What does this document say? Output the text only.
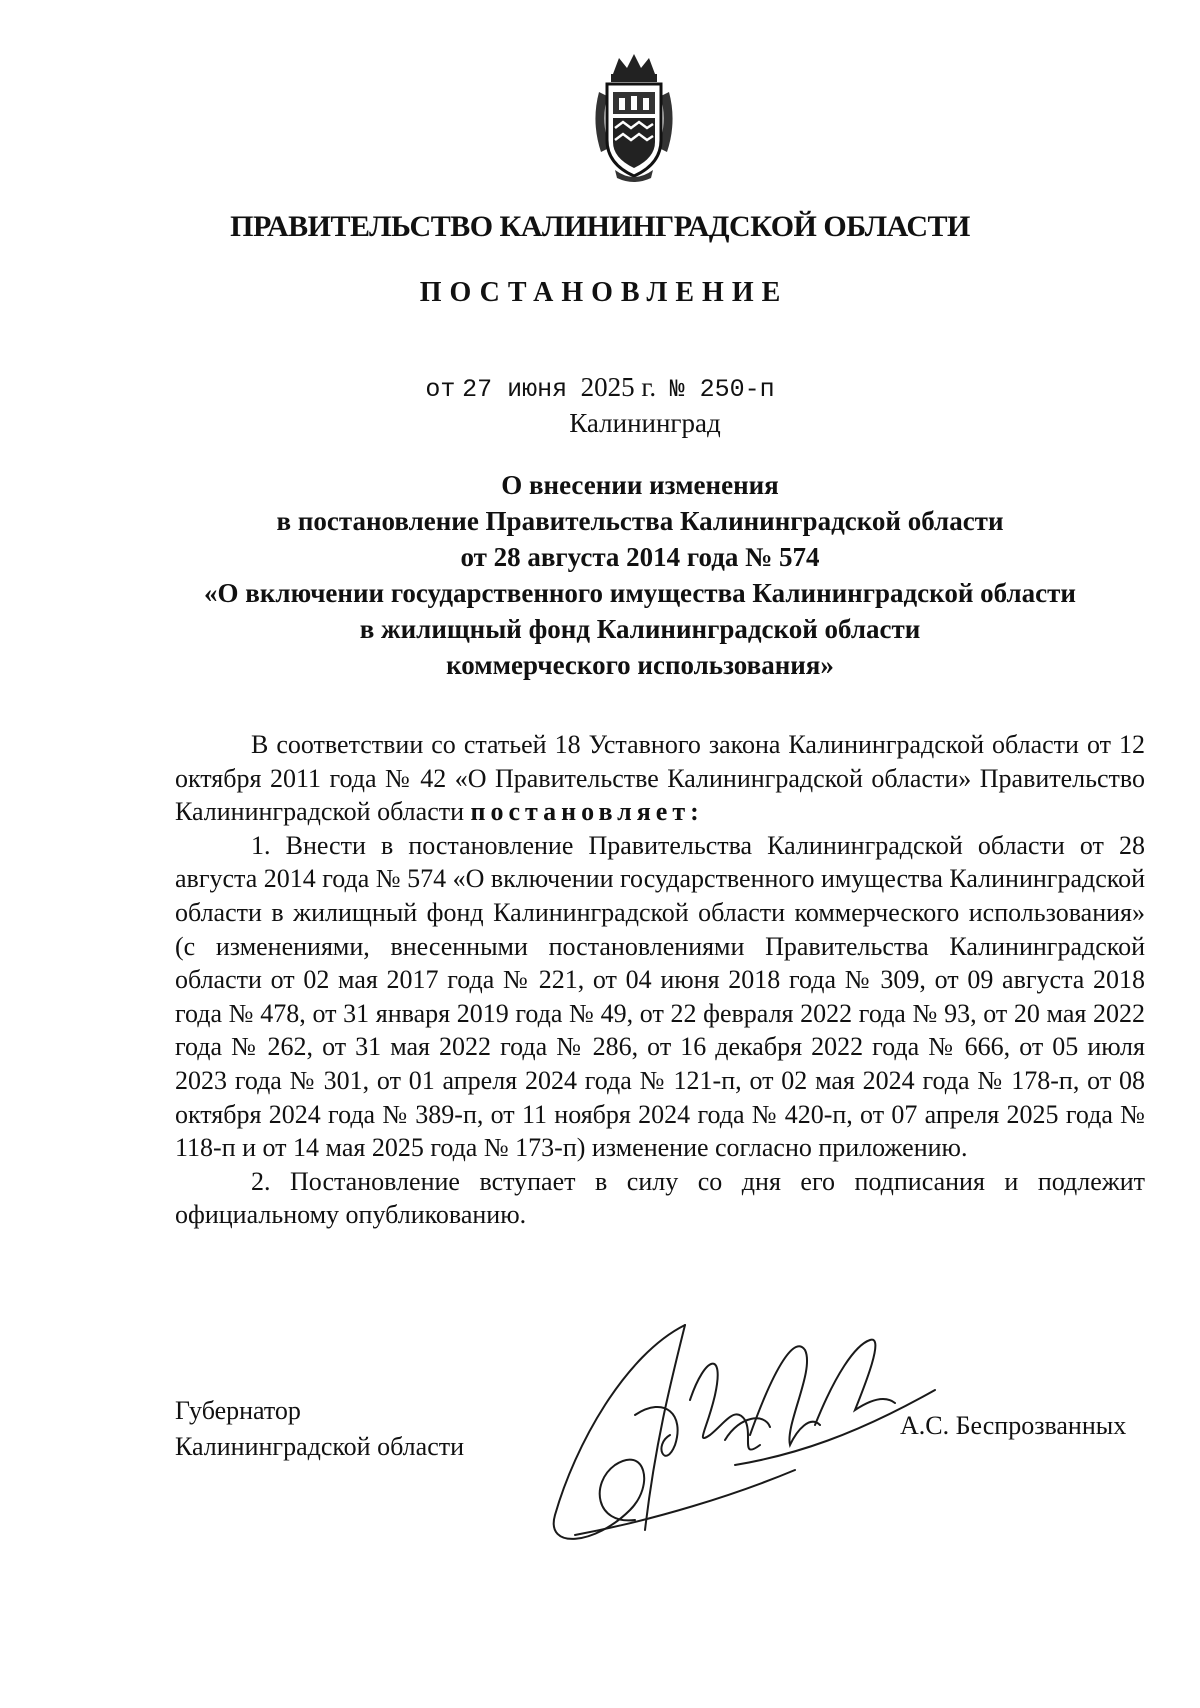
ПРАВИТЕЛЬСТВО КАЛИНИНГРАДСКОЙ ОБЛАСТИ
ПОСТАНОВЛЕНИЕ
от 27 июня 2025 г. № 250-п
Калининград
О внесении изменения
в постановление Правительства Калининградской области
от 28 августа 2014 года № 574
«О включении государственного имущества Калининградской области
в жилищный фонд Калининградской области
коммерческого использования»

В соответствии со статьей 18 Уставного закона Калининградской области от 12 октября 2011 года № 42 «О Правительстве Калининградской области» Правительство Калининградской области постановляет:

1. Внести в постановление Правительства Калининградской области от 28 августа 2014 года № 574 «О включении государственного имущества Калининградской области в жилищный фонд Калининградской области коммерческого использования» (с изменениями, внесенными постановлениями Правительства Калининградской области от 02 мая 2017 года № 221, от 04 июня 2018 года № 309, от 09 августа 2018 года № 478, от 31 января 2019 года № 49, от 22 февраля 2022 года № 93, от 20 мая 2022 года № 262, от 31 мая 2022 года № 286, от 16 декабря 2022 года № 666, от 05 июля 2023 года № 301, от 01 апреля 2024 года № 121-п, от 02 мая 2024 года № 178-п, от 08 октября 2024 года № 389-п, от 11 ноября 2024 года № 420-п, от 07 апреля 2025 года № 118-п и от 14 мая 2025 года № 173-п) изменение согласно приложению.

2. Постановление вступает в силу со дня его подписания и подлежит официальному опубликованию.

Губернатор
Калининградской области
А.С. Беспрозванных
